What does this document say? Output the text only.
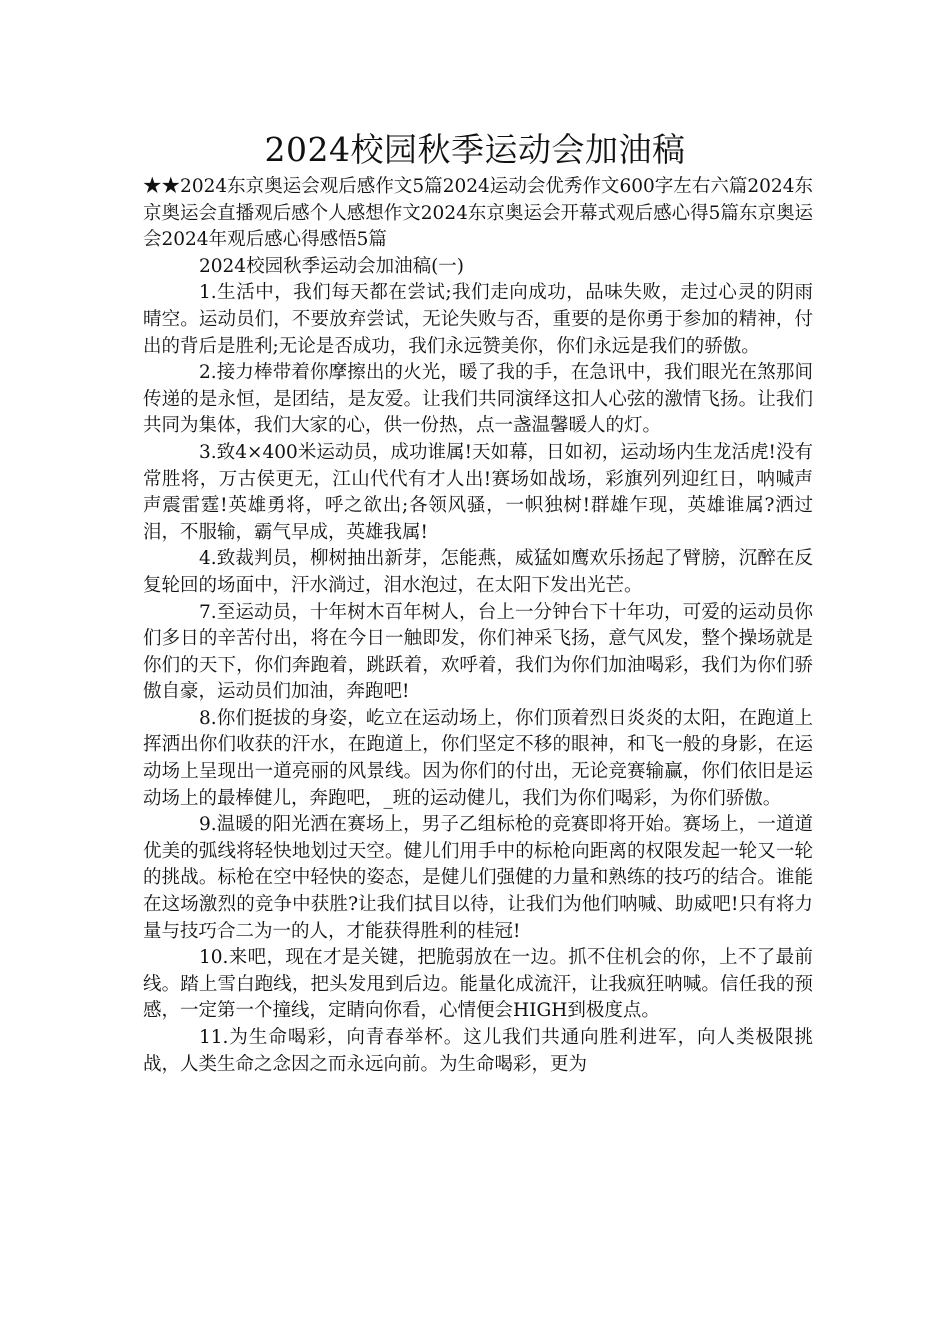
2024校园秋季运动会加油稿

★★2024东京奥运会观后感作文5篇2024运动会优秀作文600字左右六篇2024东京奥运会直播观后感个人感想作文2024东京奥运会开幕式观后感心得5篇东京奥运会2024年观后感心得感悟5篇

2024校园秋季运动会加油稿(一)

1.生活中，我们每天都在尝试;我们走向成功，品味失败，走过心灵的阴雨晴空。运动员们，不要放弃尝试，无论失败与否，重要的是你勇于参加的精神，付出的背后是胜利;无论是否成功，我们永远赞美你，你们永远是我们的骄傲。

2.接力棒带着你摩擦出的火光，暖了我的手，在急讯中，我们眼光在煞那间传递的是永恒，是团结，是友爱。让我们共同演绎这扣人心弦的激情飞扬。让我们共同为集体，我们大家的心，供一份热，点一盏温馨暖人的灯。

3.致4×400米运动员，成功谁属!天如幕，日如初，运动场内生龙活虎!没有常胜将，万古侯更无，江山代代有才人出!赛场如战场，彩旗列列迎红日，呐喊声声震雷霆!英雄勇将，呼之欲出;各领风骚，一帜独树!群雄乍现，英雄谁属?洒过泪，不服输，霸气早成，英雄我属!

4.致裁判员，柳树抽出新芽，怎能燕，威猛如鹰欢乐扬起了臂膀，沉醉在反复轮回的场面中，汗水淌过，泪水泡过，在太阳下发出光芒。

7.至运动员，十年树木百年树人，台上一分钟台下十年功，可爱的运动员你们多日的辛苦付出，将在今日一触即发，你们神采飞扬，意气风发，整个操场就是你们的天下，你们奔跑着，跳跃着，欢呼着，我们为你们加油喝彩，我们为你们骄傲自豪，运动员们加油，奔跑吧!

8.你们挺拔的身姿，屹立在运动场上，你们顶着烈日炎炎的太阳，在跑道上挥洒出你们收获的汗水，在跑道上，你们坚定不移的眼神，和飞一般的身影，在运动场上呈现出一道亮丽的风景线。因为你们的付出，无论竞赛输赢，你们依旧是运动场上的最棒健儿，奔跑吧，_班的运动健儿，我们为你们喝彩，为你们骄傲。

9.温暖的阳光洒在赛场上，男子乙组标枪的竞赛即将开始。赛场上，一道道优美的弧线将轻快地划过天空。健儿们用手中的标枪向距离的权限发起一轮又一轮的挑战。标枪在空中轻快的姿态，是健儿们强健的力量和熟练的技巧的结合。谁能在这场激烈的竞争中获胜?让我们拭目以待，让我们为他们呐喊、助威吧!只有将力量与技巧合二为一的人，才能获得胜利的桂冠!

10.来吧，现在才是关键，把脆弱放在一边。抓不住机会的你，上不了最前线。踏上雪白跑线，把头发甩到后边。能量化成流汗，让我疯狂呐喊。信任我的预感，一定第一个撞线，定睛向你看，心情便会HIGH到极度点。

11.为生命喝彩，向青春举杯。这儿我们共通向胜利进军，向人类极限挑战，人类生命之念因之而永远向前。为生命喝彩，更为
